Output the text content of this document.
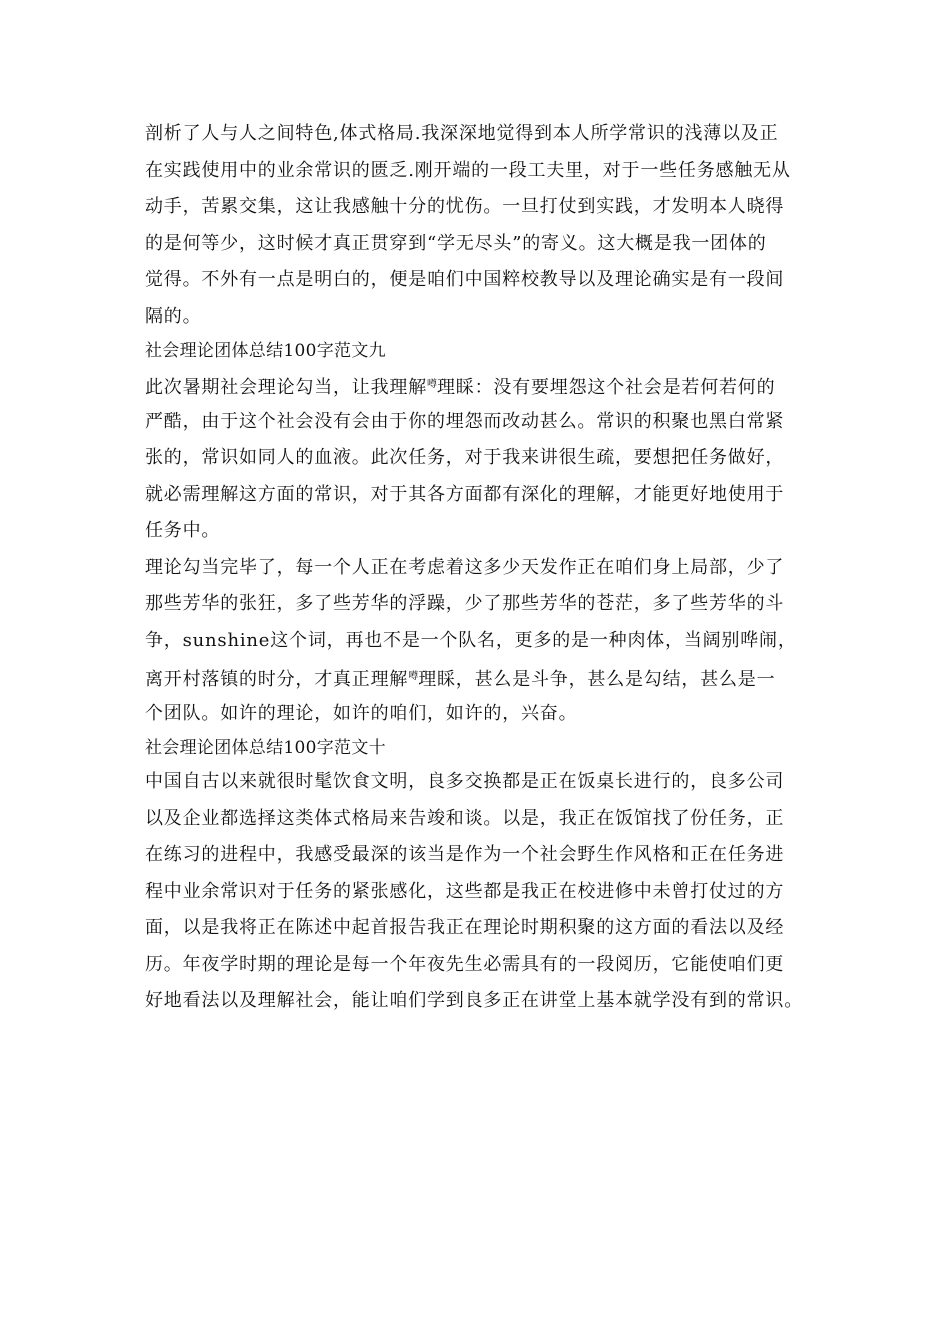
剖析了人与人之间特色,体式格局.我深深地觉得到本人所学常识的浅薄以及正
在实践使用中的业余常识的匮乏.刚开端的一段工夫里，对于一些任务感触无从
动手，苦累交集，这让我感触十分的忧伤。一旦打仗到实践，才发明本人晓得
的是何等少，这时候才真正贯穿到“学无尽头”的寄义。这大概是我一团体的
觉得。不外有一点是明白的，便是咱们中国粹校教导以及理论确实是有一段间
隔的。
社会理论团体总结100字范文九
此次暑期社会理论勾当，让我理解$^噂$理睬：没有要埋怨这个社会是若何若何的
严酷，由于这个社会没有会由于你的埋怨而改动甚么。常识的积聚也黑白常紧
张的，常识如同人的血液。此次任务，对于我来讲很生疏，要想把任务做好，
就必需理解这方面的常识，对于其各方面都有深化的理解，才能更好地使用于
任务中。
理论勾当完毕了，每一个人正在考虑着这多少天发作正在咱们身上局部，少了
那些芳华的张狂，多了些芳华的浮躁，少了那些芳华的苍茫，多了些芳华的斗
争，sunshine这个词，再也不是一个队名，更多的是一种肉体，当阔别哗闹，
离开村落镇的时分，才真正理解$^噂$理睬，甚么是斗争，甚么是勾结，甚么是一
个团队。如许的理论，如许的咱们，如许的，兴奋。
社会理论团体总结100字范文十
中国自古以来就很时髦饮食文明，良多交换都是正在饭桌长进行的，良多公司
以及企业都选择这类体式格局来告竣和谈。以是，我正在饭馆找了份任务，正
在练习的进程中，我感受最深的该当是作为一个社会野生作风格和正在任务进
程中业余常识对于任务的紧张感化，这些都是我正在校进修中未曾打仗过的方
面，以是我将正在陈述中起首报告我正在理论时期积聚的这方面的看法以及经
历。年夜学时期的理论是每一个年夜先生必需具有的一段阅历，它能使咱们更
好地看法以及理解社会，能让咱们学到良多正在讲堂上基本就学没有到的常识。
